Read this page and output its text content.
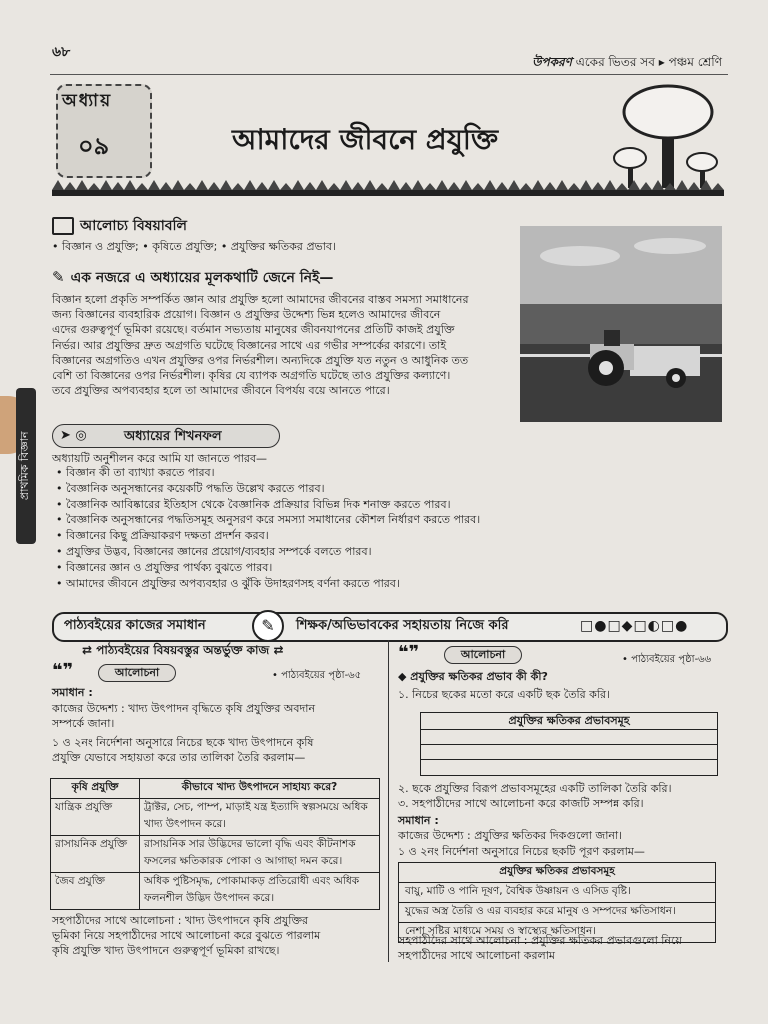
৬৮
উপকরণ একের ভিতর সব ▸ পঞ্চম শ্রেণি
প্রাথমিক বিজ্ঞান
অধ্যায়
০৯	আমাদের জীবনে প্রযুক্তি
আলোচ্য বিষয়াবলি
• বিজ্ঞান ও প্রযুক্তি; • কৃষিতে প্রযুক্তি; • প্রযুক্তির ক্ষতিকর প্রভাব।
✎ এক নজরে এ অধ্যায়ের মূলকথাটি জেনে নিই—
বিজ্ঞান হলো প্রকৃতি সম্পর্কিত জ্ঞান আর প্রযুক্তি হলো আমাদের জীবনের বাস্তব সমস্যা সমাধানের
জন্য বিজ্ঞানের ব্যবহারিক প্রয়োগ। বিজ্ঞান ও প্রযুক্তির উদ্দেশ্য ভিন্ন হলেও আমাদের জীবনে
এদের গুরুত্বপূর্ণ ভূমিকা রয়েছে। বর্তমান সভ্যতায় মানুষের জীবনযাপনের প্রতিটি কাজই প্রযুক্তি
নির্ভর। আর প্রযুক্তির দ্রুত অগ্রগতি ঘটেছে বিজ্ঞানের সাথে এর গভীর সম্পর্কের কারণে। তাই
বিজ্ঞানের অগ্রগতিও এখন প্রযুক্তির ওপর নির্ভরশীল। অন্যদিকে প্রযুক্তি যত নতুন ও আধুনিক তত
বেশি তা বিজ্ঞানের ওপর নির্ভরশীল। কৃষির যে ব্যাপক অগ্রগতি ঘটেছে তাও প্রযুক্তির কল্যাণে।
তবে প্রযুক্তির অপব্যবহার হলে তা আমাদের জীবনে বিপর্যয় বয়ে আনতে পারে।
➤ ◎	অধ্যায়ের শিখনফল
অধ্যায়টি অনুশীলন করে আমি যা জানতে পারব—
• বিজ্ঞান কী তা ব্যাখ্যা করতে পারব।
• বৈজ্ঞানিক অনুসন্ধানের কয়েকটি পদ্ধতি উল্লেখ করতে পারব।
• বৈজ্ঞানিক আবিষ্কারের ইতিহাস থেকে বৈজ্ঞানিক প্রক্রিয়ার বিভিন্ন দিক শনাক্ত করতে পারব।
• বৈজ্ঞানিক অনুসন্ধানের পদ্ধতিসমূহ অনুসরণ করে সমস্যা সমাধানের কৌশল নির্ধারণ করতে পারব।
• বিজ্ঞানের কিছু প্রক্রিয়াকরণ দক্ষতা প্রদর্শন করব।
• প্রযুক্তির উদ্ভব, বিজ্ঞানের জ্ঞানের প্রয়োগ/ব্যবহার সম্পর্কে বলতে পারব।
• বিজ্ঞানের জ্ঞান ও প্রযুক্তির পার্থক্য বুঝতে পারব।
• আমাদের জীবনে প্রযুক্তির অপব্যবহার ও ঝুঁকি উদাহরণসহ বর্ণনা করতে পারব।
পাঠ্যবইয়ের কাজের সমাধান	✎	শিক্ষক/অভিভাবকের সহায়তায় নিজে করি	□●□◆□◐□●
⇄ পাঠ্যবইয়ের বিষয়বস্তুর অন্তর্ভুক্ত কাজ ⇄
❝❞	আলোচনা	• পাঠ্যবইয়ের পৃষ্ঠা-৬৫
সমাধান :
কাজের উদ্দেশ্য : খাদ্য উৎপাদন বৃদ্ধিতে কৃষি প্রযুক্তির অবদান
সম্পর্কে জানা।
১ ও ২নং নির্দেশনা অনুসারে নিচের ছকে খাদ্য উৎপাদনে কৃষি
প্রযুক্তি যেভাবে সহায়তা করে তার তালিকা তৈরি করলাম—
কৃষি প্রযুক্তি	কীভাবে খাদ্য উৎপাদনে সাহায্য করে?
যান্ত্রিক প্রযুক্তি	ট্রাক্টর, সেচ, পাম্প, মাড়াই যন্ত্র ইত্যাদি স্বল্পসময়ে অধিক খাদ্য উৎপাদন করে।
রাসায়নিক প্রযুক্তি	রাসায়নিক সার উদ্ভিদের ভালো বৃদ্ধি এবং কীটনাশক ফসলের ক্ষতিকারক পোকা ও আগাছা দমন করে।
জৈব প্রযুক্তি	অধিক পুষ্টিসমৃদ্ধ, পোকামাকড় প্রতিরোধী এবং অধিক ফলনশীল উদ্ভিদ উৎপাদন করে।
সহপাঠীদের সাথে আলোচনা : খাদ্য উৎপাদনে কৃষি প্রযুক্তির
ভূমিকা নিয়ে সহপাঠীদের সাথে আলোচনা করে বুঝতে পারলাম
কৃষি প্রযুক্তি খাদ্য উৎপাদনে গুরুত্বপূর্ণ ভূমিকা রাখছে।
❝❞	আলোচনা	• পাঠ্যবইয়ের পৃষ্ঠা-৬৬
◆ প্রযুক্তির ক্ষতিকর প্রভাব কী কী?
১. নিচের ছকের মতো করে একটি ছক তৈরি করি।
প্রযুক্তির ক্ষতিকর প্রভাবসমূহ
২. ছকে প্রযুক্তির বিরূপ প্রভাবসমূহের একটি তালিকা তৈরি করি।
৩. সহপাঠীদের সাথে আলোচনা করে কাজটি সম্পন্ন করি।
সমাধান :
কাজের উদ্দেশ্য : প্রযুক্তির ক্ষতিকর দিকগুলো জানা।
১ ও ২নং নির্দেশনা অনুসারে নিচের ছকটি পূরণ করলাম—
প্রযুক্তির ক্ষতিকর প্রভাবসমূহ
বায়ু, মাটি ও পানি দূষণ, বৈশ্বিক উষ্ণায়ন ও এসিড বৃষ্টি।
যুদ্ধের অস্ত্র তৈরি ও এর ব্যবহার করে মানুষ ও সম্পদের ক্ষতিসাধন।
নেশা সৃষ্টির মাধ্যমে সময় ও স্বাস্থ্যের ক্ষতিসাধন।
সহপাঠীদের সাথে আলোচনা : প্রযুক্তির ক্ষতিকর প্রভাবগুলো নিয়ে
সহপাঠীদের সাথে আলোচনা করলাম
